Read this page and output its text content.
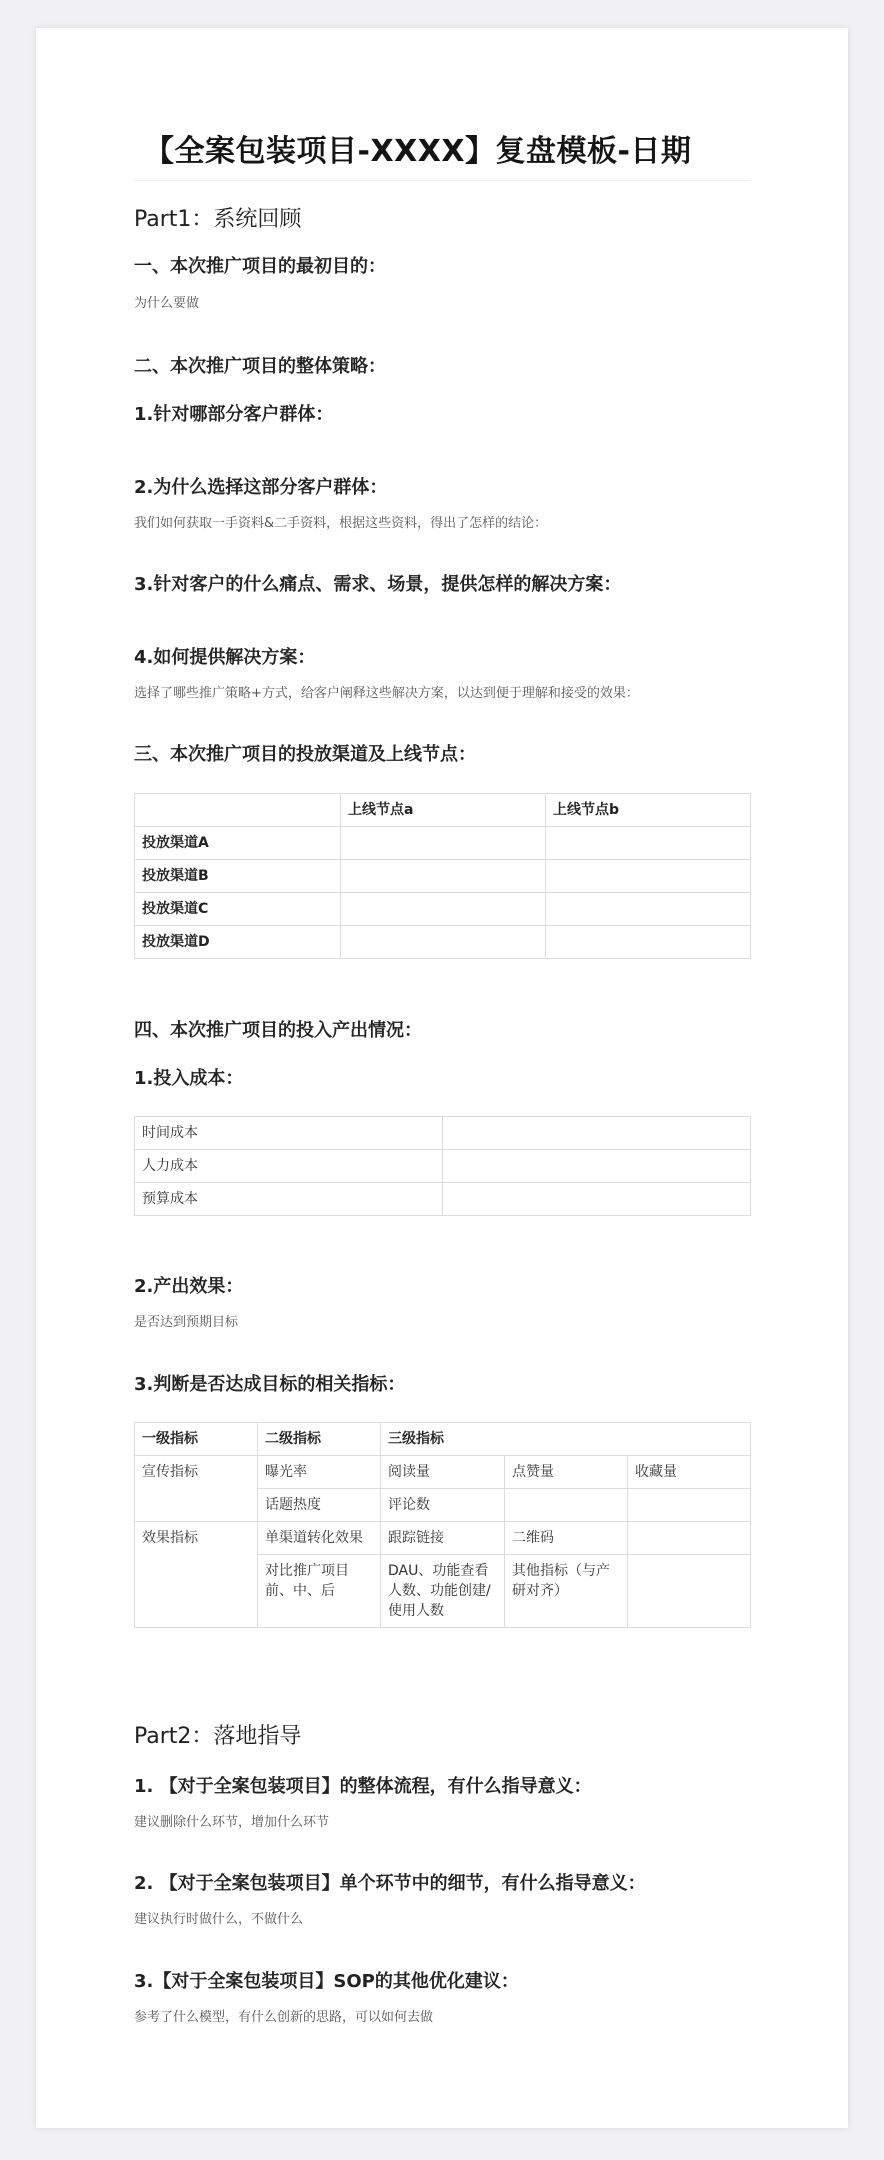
【全案包装项目-XXXX】复盘模板-日期
Part1：系统回顾
一、本次推广项目的最初目的：
为什么要做
二、本次推广项目的整体策略：
1.针对哪部分客户群体：
2.为什么选择这部分客户群体：
我们如何获取一手资料&二手资料，根据这些资料，得出了怎样的结论：
3.针对客户的什么痛点、需求、场景，提供怎样的解决方案：
4.如何提供解决方案：
选择了哪些推广策略+方式，给客户阐释这些解决方案，以达到便于理解和接受的效果：
三、本次推广项目的投放渠道及上线节点：
	上线节点a	上线节点b
投放渠道A		
投放渠道B		
投放渠道C		
投放渠道D		
四、本次推广项目的投入产出情况：
1.投入成本：
时间成本	
人力成本	
预算成本	
2.产出效果：
是否达到预期目标
3.判断是否达成目标的相关指标：
一级指标	二级指标	三级指标		
宣传指标	曝光率	阅读量	点赞量	收藏量
	话题热度	评论数		
效果指标	单渠道转化效果	跟踪链接	二维码	
	对比推广项目前、中、后	DAU、功能查看人数、功能创建/使用人数	其他指标（与产研对齐）	
Part2：落地指导
1. 【对于全案包装项目】的整体流程，有什么指导意义：
建议删除什么环节，增加什么环节
2. 【对于全案包装项目】单个环节中的细节，有什么指导意义：
建议执行时做什么，不做什么
3.【对于全案包装项目】SOP的其他优化建议：
参考了什么模型，有什么创新的思路，可以如何去做
